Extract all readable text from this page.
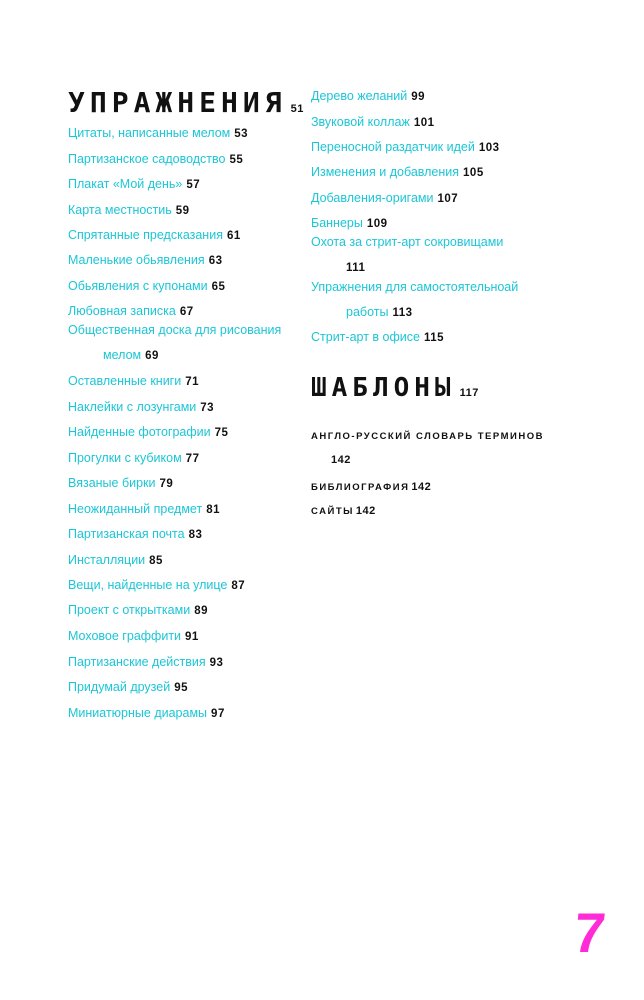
УПРАЖНЕНИЯ 51
Цитаты, написанные мелом 53
Партизанское садоводство 55
Плакат «Мой день» 57
Карта местностиь 59
Спрятанные предсказания 61
Маленькие обьявления 63
Обьявления с купонами 65
Любовная записка 67
Общественная доска для рисования
мелом 69
Оставленные книги 71
Наклейки с лозунгами 73
Найденные фотографии 75
Прогулки с кубиком 77
Вязаные бирки 79
Неожиданный предмет 81
Партизанская почта 83
Инсталляции 85
Вещи, найденные на улице 87
Проект с открытками 89
Моховое граффити 91
Партизанские действия 93
Придумай друзей 95
Миниатюрные диарамы 97
Дерево желаний 99
Звуковой коллаж 101
Переносной раздатчик идей 103
Изменения и добавления 105
Добавления-оригами 107
Баннеры 109
Охота за стрит-арт сокровищами
111
Упражнения для самостоятельноай
работы 113
Стрит-арт в офисе 115
ШАБЛОНЫ 117
АНГЛО-РУССКИЙ СЛОВАРЬ ТЕРМИНОВ
142
БИБЛИОГРАФИЯ 142
САЙТЫ 142
7
